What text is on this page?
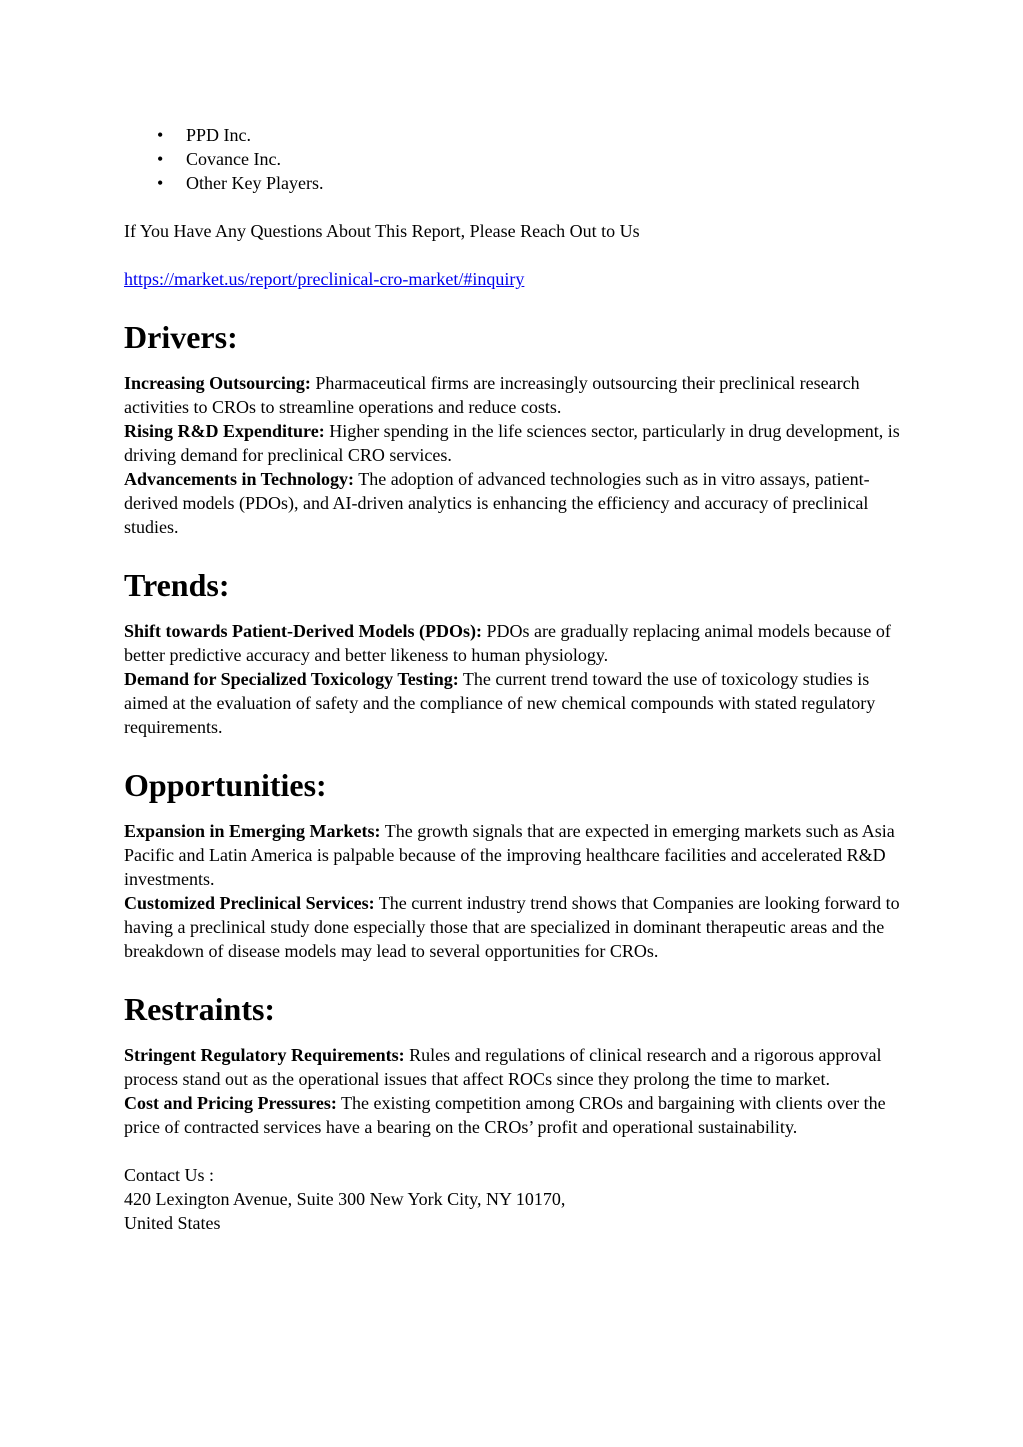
• PPD Inc.
• Covance Inc.
• Other Key Players.

If You Have Any Questions About This Report, Please Reach Out to Us

https://market.us/report/preclinical-cro-market/#inquiry

Drivers:

Increasing Outsourcing: Pharmaceutical firms are increasingly outsourcing their preclinical research activities to CROs to streamline operations and reduce costs.

Rising R&D Expenditure: Higher spending in the life sciences sector, particularly in drug development, is driving demand for preclinical CRO services.

Advancements in Technology: The adoption of advanced technologies such as in vitro assays, patient-derived models (PDOs), and AI-driven analytics is enhancing the efficiency and accuracy of preclinical studies.

Trends:

Shift towards Patient-Derived Models (PDOs): PDOs are gradually replacing animal models because of better predictive accuracy and better likeness to human physiology.

Demand for Specialized Toxicology Testing: The current trend toward the use of toxicology studies is aimed at the evaluation of safety and the compliance of new chemical compounds with stated regulatory requirements.

Opportunities:

Expansion in Emerging Markets: The growth signals that are expected in emerging markets such as Asia Pacific and Latin America is palpable because of the improving healthcare facilities and accelerated R&D investments.

Customized Preclinical Services: The current industry trend shows that Companies are looking forward to having a preclinical study done especially those that are specialized in dominant therapeutic areas and the breakdown of disease models may lead to several opportunities for CROs.

Restraints:

Stringent Regulatory Requirements: Rules and regulations of clinical research and a rigorous approval process stand out as the operational issues that affect ROCs since they prolong the time to market.

Cost and Pricing Pressures: The existing competition among CROs and bargaining with clients over the price of contracted services have a bearing on the CROs’ profit and operational sustainability.

Contact Us :

420 Lexington Avenue, Suite 300 New York City, NY 10170,

United States
